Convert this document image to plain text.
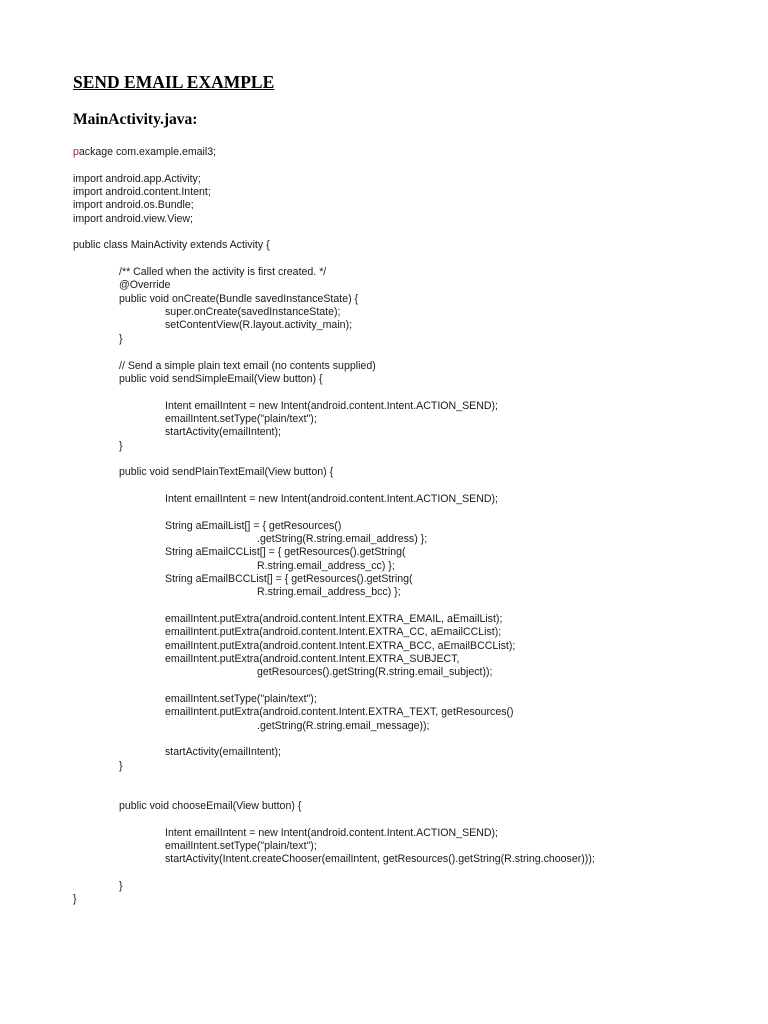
SEND EMAIL EXAMPLE
MainActivity.java:
package com.example.email3;
import android.app.Activity;
import android.content.Intent;
import android.os.Bundle;
import android.view.View;
public class MainActivity extends Activity {
/** Called when the activity is first created. */
@Override
public void onCreate(Bundle savedInstanceState) {
super.onCreate(savedInstanceState);
setContentView(R.layout.activity_main);
}
// Send a simple plain text email (no contents supplied)
public void sendSimpleEmail(View button) {
Intent emailIntent = new Intent(android.content.Intent.ACTION_SEND);
emailIntent.setType("plain/text");
startActivity(emailIntent);
}
public void sendPlainTextEmail(View button) {
Intent emailIntent = new Intent(android.content.Intent.ACTION_SEND);
String aEmailList[] = { getResources()
.getString(R.string.email_address) };
String aEmailCCList[] = { getResources().getString(
R.string.email_address_cc) };
String aEmailBCCList[] = { getResources().getString(
R.string.email_address_bcc) };
emailIntent.putExtra(android.content.Intent.EXTRA_EMAIL, aEmailList);
emailIntent.putExtra(android.content.Intent.EXTRA_CC, aEmailCCList);
emailIntent.putExtra(android.content.Intent.EXTRA_BCC, aEmailBCCList);
emailIntent.putExtra(android.content.Intent.EXTRA_SUBJECT,
getResources().getString(R.string.email_subject));
emailIntent.setType("plain/text");
emailIntent.putExtra(android.content.Intent.EXTRA_TEXT, getResources()
.getString(R.string.email_message));
startActivity(emailIntent);
}
public void chooseEmail(View button) {
Intent emailIntent = new Intent(android.content.Intent.ACTION_SEND);
emailIntent.setType("plain/text");
startActivity(Intent.createChooser(emailIntent, getResources().getString(R.string.chooser)));
}
}
